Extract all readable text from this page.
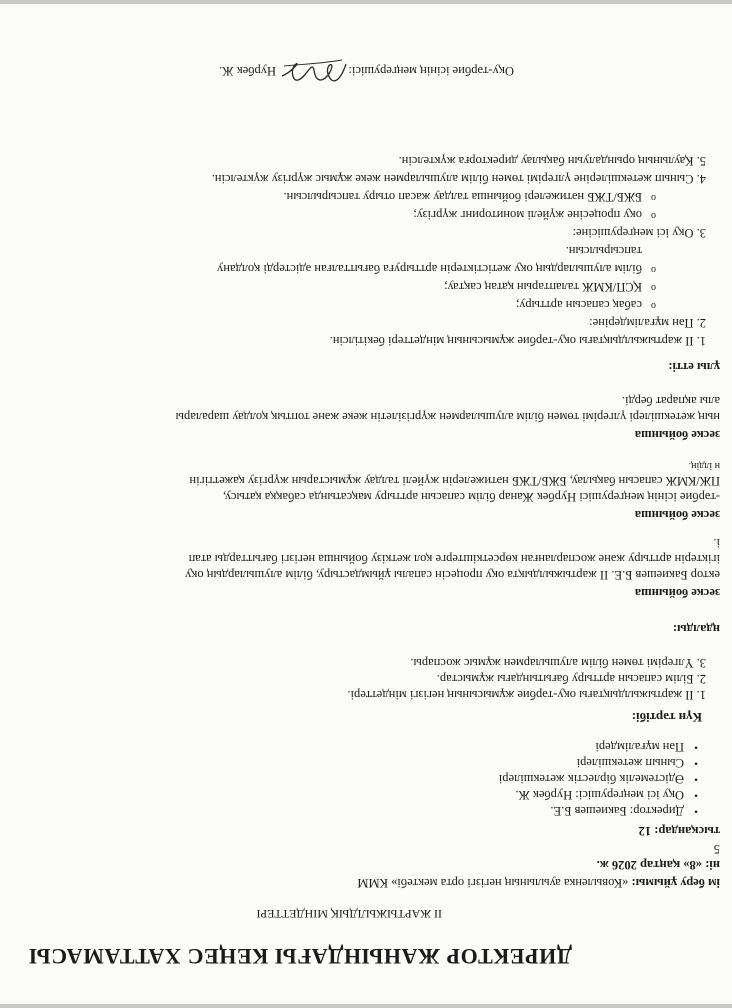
ДИРЕКТОР ЖАНЫНДАҒЫ КЕҢЕС ХАТТАМАСЫ
II ЖАРТЫЖЫЛДЫҚ МІНДЕТТЕРІ
ім беру ұйымы: «Ковыленка ауылының негізгі орта мектебі» КММ
ні: «8» қаңтар 2026 ж.
5
тысқандар: 12
• Директор: Бакиешев Б.Е.
• Оқу ісі меңгерушісі: Нурбек Ж.
• Әдістемелік бірлестік жетекшілері
• Сынып жетекшілері
• Пән мұғалімдері
Күн тәртібі:
1. II жартыжылдықтағы оқу-тәрбие жұмысының негізгі міндеттері.
2. Білім сапасын арттыру бағытындағы жұмыстар.
3. Үлгерімі төмен білім алушылармен жұмыс жоспары.
ңдалды:
зеске бойынша
ектор Бакиешев Б.Е. II жартыжылдықта оқу процесін сапалы ұйымдастыру, білім алушылардың оқу
ігіктерін арттыру және жоспарланған көрсеткіштерге қол жеткізу бойынша негізгі бағыттарды атап
і.
зеске бойынша
-тәрбие ісінің меңгерушісі Нурбек Жанар білім сапасын арттыру мақсатында сабаққа қатысу,
ПЖ/КМЖ сапасын бақылау, БЖБ/ТЖБ нәтижелерін жүйелі талдау жұмыстарын жүргізу қажеттігін
н ілдің.
зеске бойынша
ның жетекшілері үлгерімі төмен білім алушылармен жүргізілетін жеке және топтық қолдау шаралары
алы ақпарат берді.
ұлы етті:
1. II жартыжылдықтағы оқу-тәрбие жұмысының міндеттері бекітілсін.
2. Пән мұғалімдеріне:
o сабақ сапасын арттыру;
o ҚСП/КМЖ талаптарын қатаң сақтау;
o білім алушылардың оқу жетістіктерін арттыруға бағытталған әдістерді қолдану
тапсырылсын.
3. Оқу ісі меңгерушісіне:
o оқу процесіне жүйелі мониторинг жүргізу;
o БЖБ/ТЖБ нәтижелері бойынша талдау жасап отыру тапсырылсын.
4. Сынып жетекшілеріне үлгерімі төмен білім алушылармен жеке жұмыс жүргізу жүктелсін.
5. Қаулының орындалуын бақылау директорға жүктелсін.
Оқу-тәрбие ісінің меңгерушісі:
Нурбек Ж.
